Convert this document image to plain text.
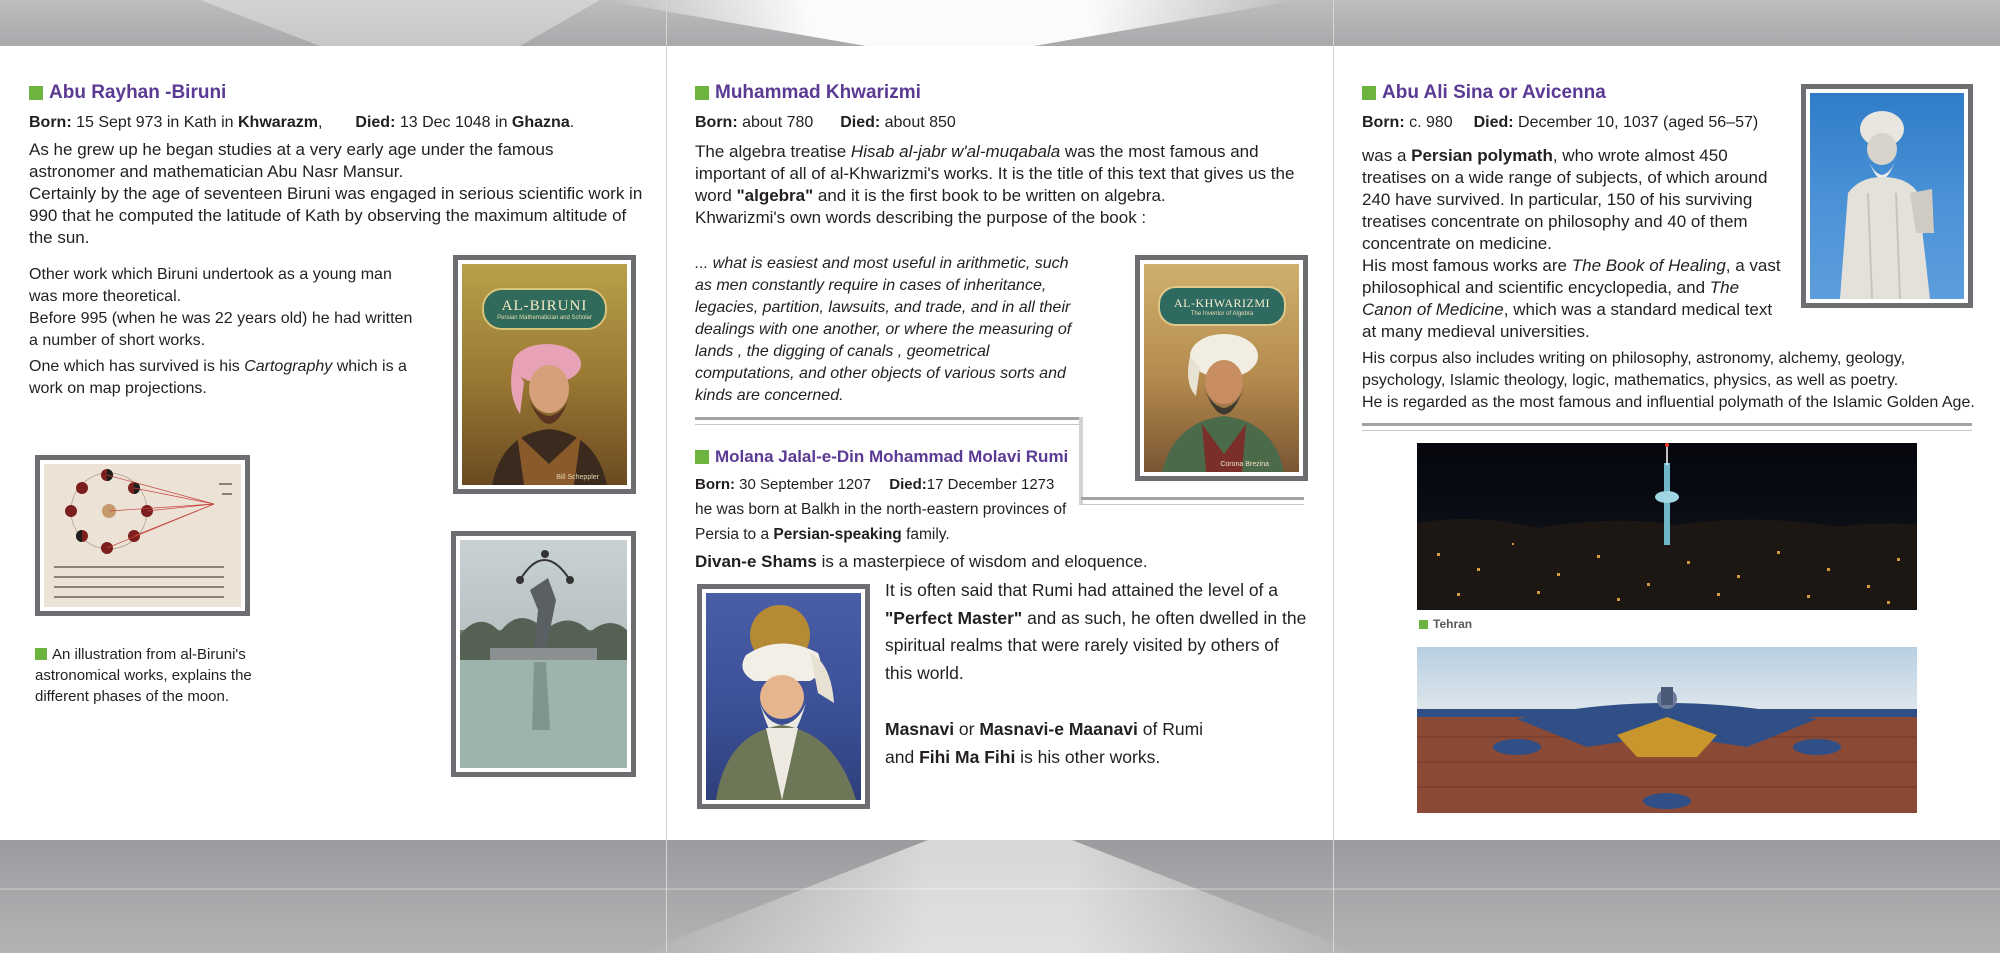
Abu Rayhan -Biruni
Born: 15 Sept 973 in Kath in Khwarazm, Died: 13 Dec 1048 in Ghazna.
As he grew up he began studies at a very early age under the famous astronomer and mathematician Abu Nasr Mansur.
Certainly by the age of seventeen Biruni was engaged in serious scientific work in 990 that he computed the latitude of Kath by observing the maximum altitude of the sun.
Other work which Biruni undertook as a young man was more theoretical.
Before 995 (when he was 22 years old) he had written a number of short works.
One which has survived is his Cartography which is a work on map projections.
AL-BIRUNI
Persian Mathematician and Scholar
Bill Scheppler
An illustration from al-Biruni's astronomical works, explains the different phases of the moon.
Muhammad Khwarizmi
Born: about 780 Died: about 850
The algebra treatise Hisab al-jabr w'al-muqabala was the most famous and important of all of al-Khwarizmi's works. It is the title of this text that gives us the word "algebra" and it is the first book to be written on algebra.
Khwarizmi's own words describing the purpose of the book :
... what is easiest and most useful in arithmetic, such as men constantly require in cases of inheritance, legacies, partition, lawsuits, and trade, and in all their dealings with one another, or where the measuring of lands , the digging of canals , geometrical computations, and other objects of various sorts and kinds are concerned.
AL-KHWARIZMI
The Inventor of Algebra
Corona Brezina
Molana Jalal-e-Din Mohammad Molavi Rumi
Born: 30 September 1207 Died:17 December 1273
he was born at Balkh in the north-eastern provinces of Persia to a Persian-speaking family.
Divan-e Shams is a masterpiece of wisdom and eloquence.
It is often said that Rumi had attained the level of a "Perfect Master" and as such, he often dwelled in the spiritual realms that were rarely visited by others of this world.
Masnavi or Masnavi-e Maanavi of Rumi
and Fihi Ma Fihi is his other works.
Abu Ali Sina or Avicenna
Born: c. 980 Died: December 10, 1037 (aged 56–57)
was a Persian polymath, who wrote almost 450 treatises on a wide range of subjects, of which around 240 have survived. In particular, 150 of his surviving treatises concentrate on philosophy and 40 of them concentrate on medicine.
His most famous works are The Book of Healing, a vast philosophical and scientific encyclopedia, and The Canon of Medicine, which was a standard medical text at many medieval universities.
His corpus also includes writing on philosophy, astronomy, alchemy, geology, psychology, Islamic theology, logic, mathematics, physics, as well as poetry.
He is regarded as the most famous and influential polymath of the Islamic Golden Age.
Tehran
